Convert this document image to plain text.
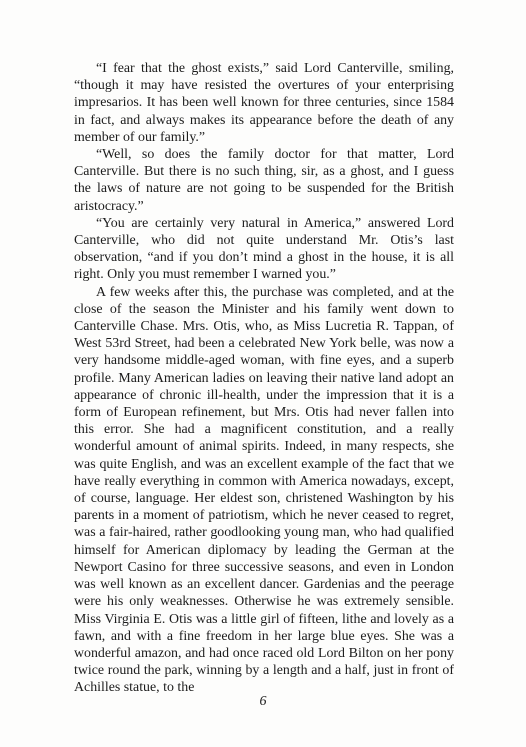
“I fear that the ghost exists,” said Lord Canterville, smiling, “though it may have resisted the overtures of your enterprising impresarios. It has been well known for three centuries, since 1584 in fact, and always makes its appearance before the death of any member of our family.”

“Well, so does the family doctor for that matter, Lord Canterville. But there is no such thing, sir, as a ghost, and I guess the laws of nature are not going to be suspended for the British aristocracy.”

“You are certainly very natural in America,” answered Lord Canterville, who did not quite understand Mr. Otis’s last observation, “and if you don’t mind a ghost in the house, it is all right. Only you must remember I warned you.”

A few weeks after this, the purchase was completed, and at the close of the season the Minister and his family went down to Canterville Chase. Mrs. Otis, who, as Miss Lucretia R. Tappan, of West 53rd Street, had been a celebrated New York belle, was now a very handsome middle-aged woman, with fine eyes, and a superb profile. Many American ladies on leaving their native land adopt an appearance of chronic ill-health, under the impression that it is a form of European refinement, but Mrs. Otis had never fallen into this error. She had a magnificent constitution, and a really wonderful amount of animal spirits. Indeed, in many respects, she was quite English, and was an excellent example of the fact that we have really everything in common with America nowadays, except, of course, language. Her eldest son, christened Washington by his parents in a moment of patriotism, which he never ceased to regret, was a fair-haired, rather goodlooking young man, who had qualified himself for American diplomacy by leading the German at the Newport Casino for three successive seasons, and even in London was well known as an excellent dancer. Gardenias and the peerage were his only weaknesses. Otherwise he was extremely sensible. Miss Virginia E. Otis was a little girl of fifteen, lithe and lovely as a fawn, and with a fine freedom in her large blue eyes. She was a wonderful amazon, and had once raced old Lord Bilton on her pony twice round the park, winning by a length and a half, just in front of Achilles statue, to the

6
